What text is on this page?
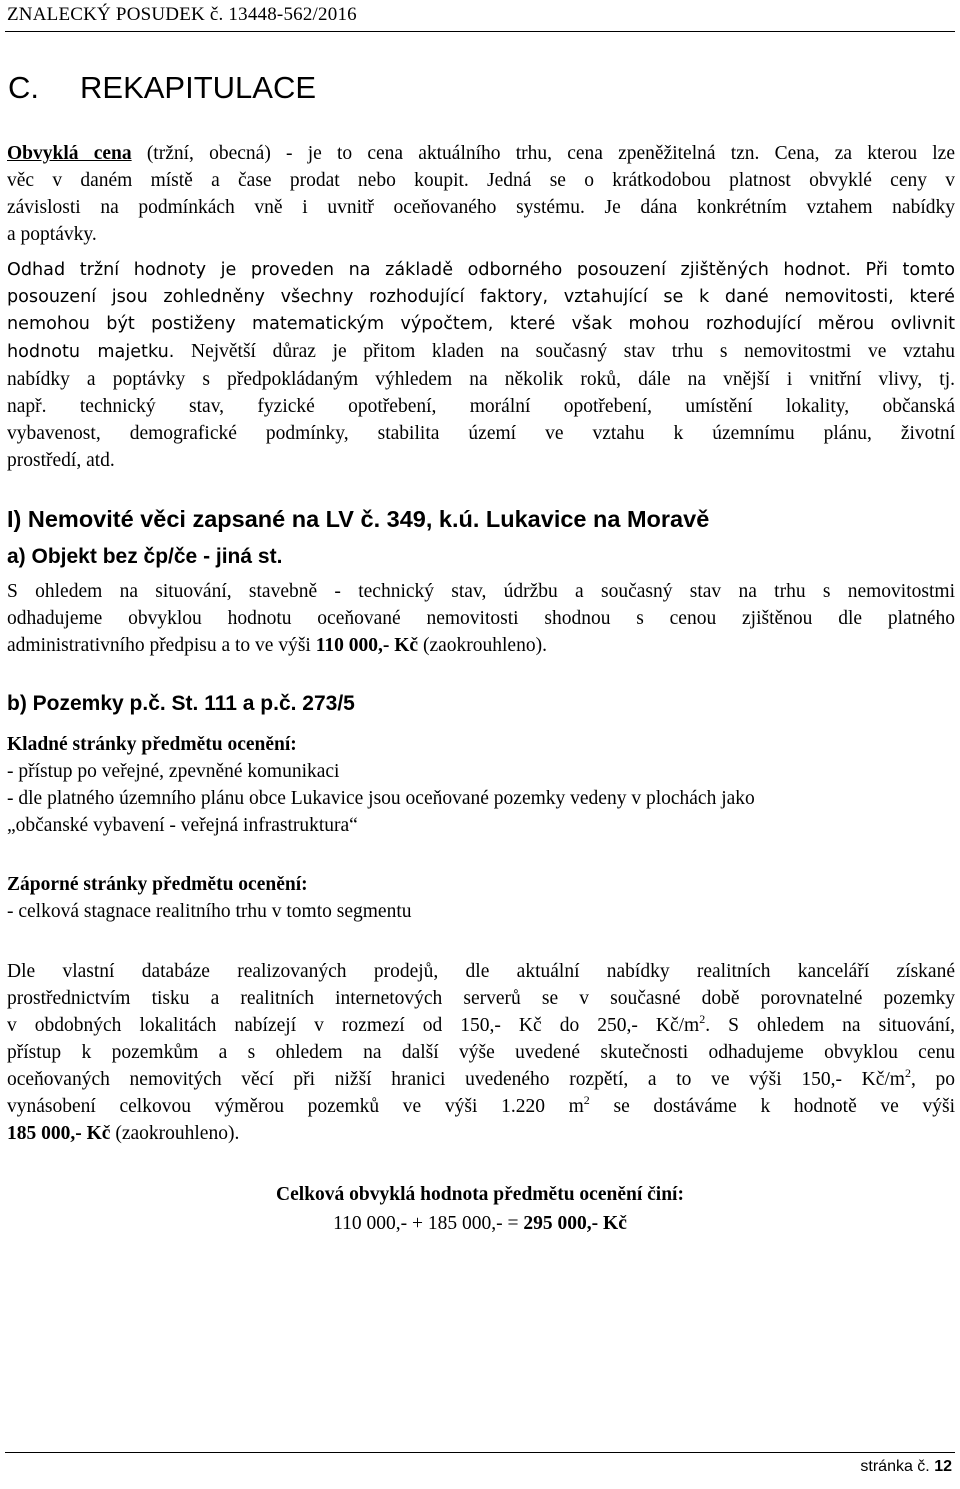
ZNALECKÝ POSUDEK č. 13448-562/2016
C. REKAPITULACE
Obvyklá cena (tržní, obecná) - je to cena aktuálního trhu, cena zpeněžitelná tzn. Cena, za kterou lze
věc v daném místě a čase prodat nebo koupit. Jedná se o krátkodobou platnost obvyklé ceny v
závislosti na podmínkách vně i uvnitř oceňovaného systému. Je dána konkrétním vztahem nabídky
a poptávky.
Odhad tržní hodnoty je proveden na základě odborného posouzení zjištěných hodnot. Při tomto
posouzení jsou zohledněny všechny rozhodující faktory, vztahující se k dané nemovitosti, které
nemohou být postiženy matematickým výpočtem, které však mohou rozhodující měrou ovlivnit
hodnotu majetku. Největší důraz je přitom kladen na současný stav trhu s nemovitostmi ve vztahu
nabídky a poptávky s předpokládaným výhledem na několik roků, dále na vnější i vnitřní vlivy, tj.
např. technický stav, fyzické opotřebení, morální opotřebení, umístění lokality, občanská
vybavenost, demografické podmínky, stabilita území ve vztahu k územnímu plánu, životní
prostředí, atd.
I) Nemovité věci zapsané na LV č. 349, k.ú. Lukavice na Moravě
a) Objekt bez čp/če - jiná st.
S ohledem na situování, stavebně - technický stav, údržbu a současný stav na trhu s nemovitostmi
odhadujeme obvyklou hodnotu oceňované nemovitosti shodnou s cenou zjištěnou dle platného
administrativního předpisu a to ve výši 110 000,- Kč (zaokrouhleno).
b) Pozemky p.č. St. 111 a p.č. 273/5
Kladné stránky předmětu ocenění:
- přístup po veřejné, zpevněné komunikaci
- dle platného územního plánu obce Lukavice jsou oceňované pozemky vedeny v plochách jako
„občanské vybavení - veřejná infrastruktura“
Záporné stránky předmětu ocenění:
- celková stagnace realitního trhu v tomto segmentu
Dle vlastní databáze realizovaných prodejů, dle aktuální nabídky realitních kanceláří získané
prostřednictvím tisku a realitních internetových serverů se v současné době porovnatelné pozemky
v obdobných lokalitách nabízejí v rozmezí od 150,- Kč do 250,- $Kč/m^2$. S ohledem na situování,
přístup k pozemkům a s ohledem na další výše uvedené skutečnosti odhadujeme obvyklou cenu
oceňovaných nemovitých věcí při nižší hranici uvedeného rozpětí, a to ve výši 150,- $Kč/m^2$, po
vynásobení celkovou výměrou pozemků ve výši 1.220 $m^2$ se dostáváme k hodnotě ve výši
185 000,- Kč (zaokrouhleno).
Celková obvyklá hodnota předmětu ocenění činí:
110 000,- + 185 000,- = 295 000,- Kč
stránka č. 12
